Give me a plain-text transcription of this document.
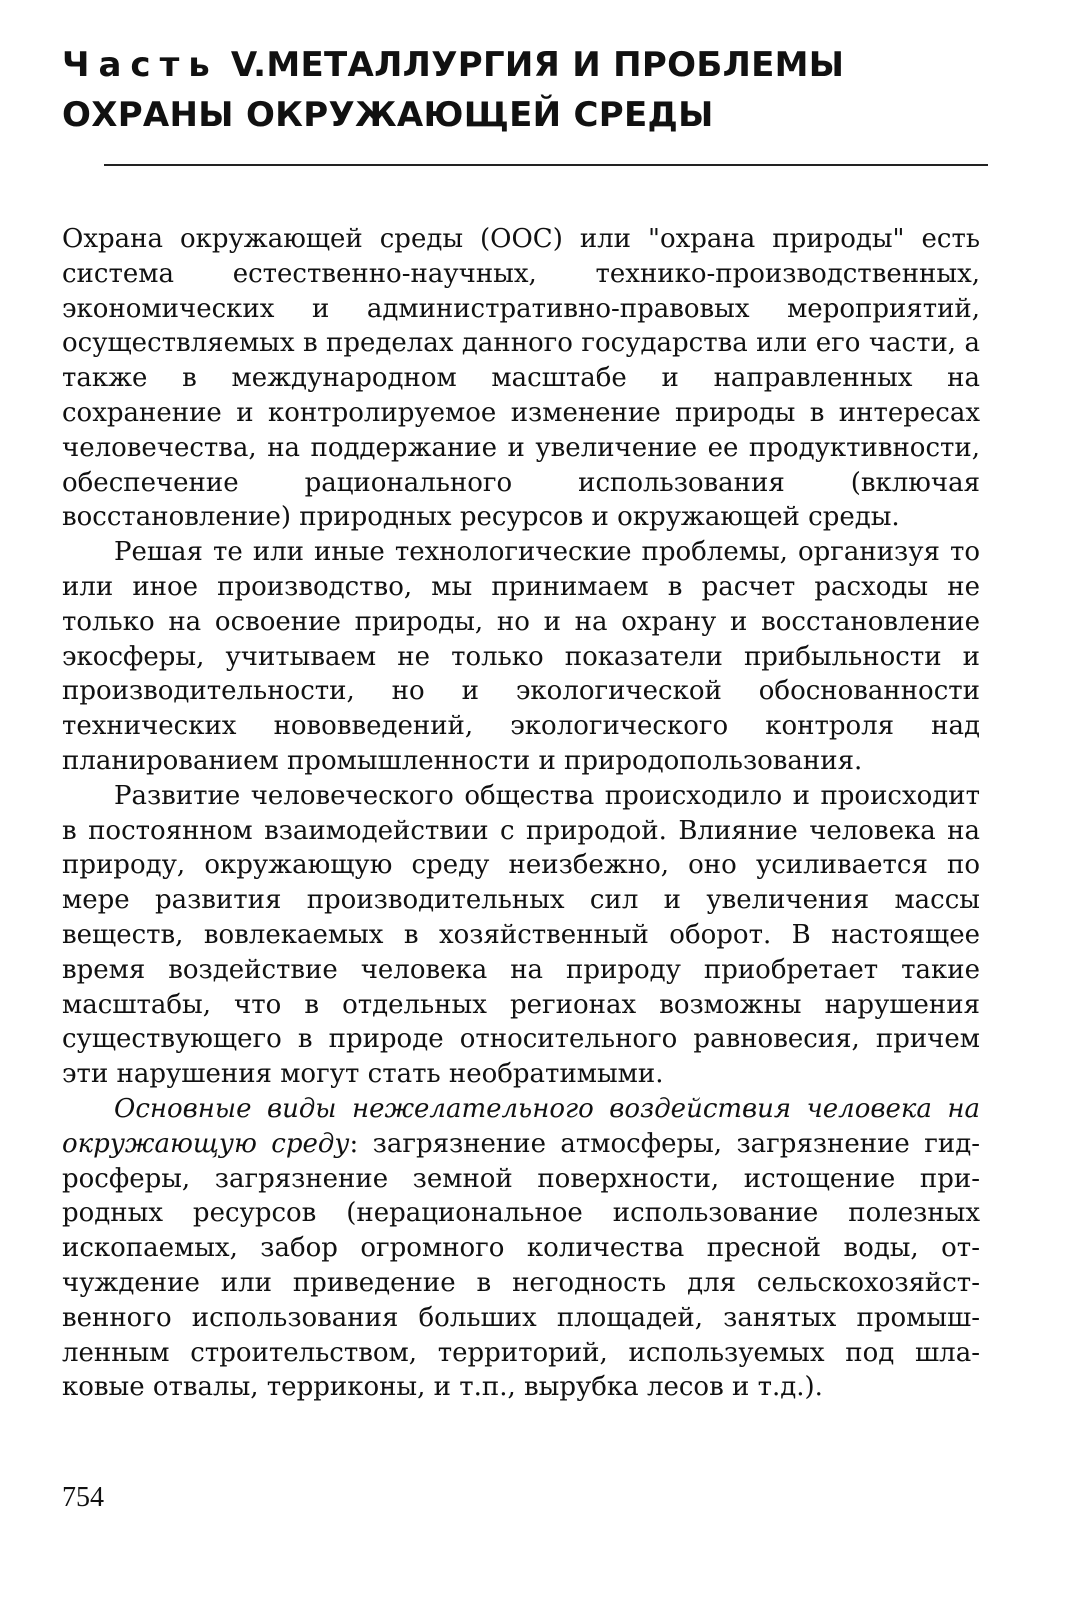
Часть V.МЕТАЛЛУРГИЯ И ПРОБЛЕМЫ
ОХРАНЫ ОКРУЖАЮЩЕЙ СРЕДЫ

Охрана окружающей среды (ООС) или "охрана природы" есть система естественно-научных, технико-производственных, экономических и административно-правовых мероприятий, осуществляемых в пределах данного государства или его части, а также в международном масштабе и направленных на сохранение и контролируемое изменение природы в интересах человечества, на поддержание и увеличение ее продуктивности, обеспечение рационального использования (включая восстановление) природных ресурсов и окружающей среды.

Решая те или иные технологические проблемы, организуя то или иное производство, мы принимаем в расчет расходы не только на освоение природы, но и на охрану и восстановление экосферы, учитываем не только показатели прибыльности и производительности, но и экологической обоснованности технических нововведений, экологического контроля над планированием промышленности и природопользования.

Развитие человеческого общества происходило и происходит в постоянном взаимодействии с природой. Влияние человека на природу, окружающую среду неизбежно, оно усиливается по мере развития производительных сил и увеличения массы веществ, вовлекаемых в хозяйственный оборот. В настоящее время воздействие человека на природу приобретает такие масштабы, что в отдельных регионах возможны нарушения существующего в природе относительного равновесия, причем эти нарушения могут стать необратимыми.

Основные виды нежелательного воздействия человека на окружающую среду: загрязнение атмосферы, загрязнение гидросферы, загрязнение земной поверхности, истощение природных ресурсов (нерациональное использование полезных ископаемых, забор огромного количества пресной воды, отчуждение или приведение в негодность для сельскохозяйственного использования больших площадей, занятых промышленным строительством, территорий, используемых под шлаковые отвалы, терриконы, и т.п., вырубка лесов и т.д.).

754
